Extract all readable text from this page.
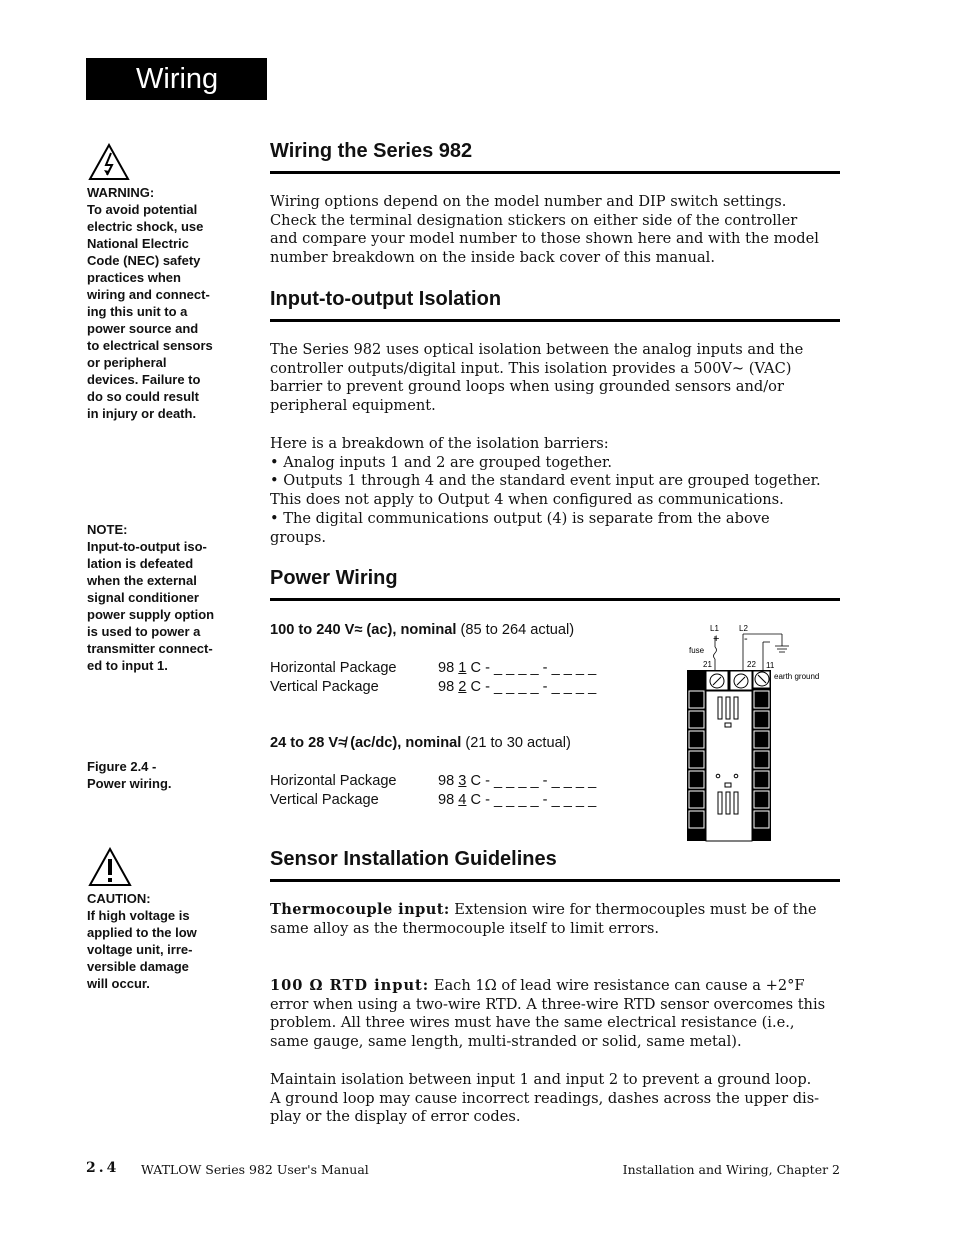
Wiring
WARNING:
To avoid potential
electric shock, use
National Electric
Code (NEC) safety
practices when
wiring and connect-
ing this unit to a
power source and
to electrical sensors
or peripheral
devices. Failure to
do so could result
in injury or death.
NOTE:
Input-to-output iso-
lation is defeated
when the external
signal conditioner
power supply option
is used to power a
transmitter connect-
ed to input 1.
Figure 2.4 -
Power wiring.
CAUTION:
If high voltage is
applied to the low
voltage unit, irre-
versible damage
will occur.
Wiring the Series 982

Wiring options depend on the model number and DIP switch settings.

Check the terminal designation stickers on either side of the controller

and compare your model number to those shown here and with the model

number breakdown on the inside back cover of this manual.

Input-to-output Isolation

The Series 982 uses optical isolation between the analog inputs and the

controller outputs/digital input. This isolation provides a 500V~ (VAC)

barrier to prevent ground loops when using grounded sensors and/or

peripheral equipment.

Here is a breakdown of the isolation barriers:

• Analog inputs 1 and 2 are grouped together.

• Outputs 1 through 4 and the standard event input are grouped together.

This does not apply to Output 4 when configured as communications.

• The digital communications output (4) is separate from the above

groups.

Power Wiring
100 to 240 V≈ (ac), nominal (85 to 264 actual)
Horizontal Package	98 1 C - _ _ _ _ - _ _ _ _
Vertical Package	98 2 C - _ _ _ _ - _ _ _ _
24 to 28 V≉ (ac/dc), nominal (21 to 30 actual)
Horizontal Package	98 3 C - _ _ _ _ - _ _ _ _
Vertical Package	98 4 C - _ _ _ _ - _ _ _ _
L1	L2
+ -
fuse
21	22 11
earth ground
Sensor Installation Guidelines

Thermocouple input: Extension wire for thermocouples must be of the

same alloy as the thermocouple itself to limit errors.

100 Ω RTD input: Each 1Ω of lead wire resistance can cause a +2°F

error when using a two-wire RTD. A three-wire RTD sensor overcomes this

problem. All three wires must have the same electrical resistance (i.e.,

same gauge, same length, multi-stranded or solid, same metal).

Maintain isolation between input 1 and input 2 to prevent a ground loop.

A ground loop may cause incorrect readings, dashes across the upper dis-

play or the display of error codes.

2.4 WATLOW Series 982 User's Manual	Installation and Wiring, Chapter 2
